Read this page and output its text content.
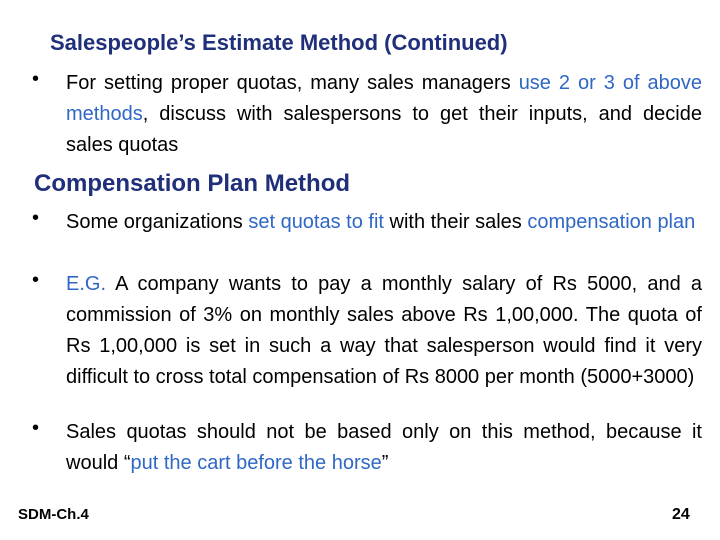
Salespeople’s Estimate Method (Continued)
•	For setting proper quotas, many sales managers use 2 or 3 of above methods, discuss with salespersons to get their inputs, and decide sales quotas
Compensation Plan Method
•	Some organizations set quotas to fit with their sales compensation plan
•	E.G. A company wants to pay a monthly salary of Rs 5000, and a commission of 3% on monthly sales above Rs 1,00,000. The quota of Rs 1,00,000 is set in such a way that salesperson would find it very difficult to cross total compensation of Rs 8000 per month (5000+3000)
•	Sales quotas should not be based only on this method, because it would “put the cart before the horse”
SDM-Ch.4	24
